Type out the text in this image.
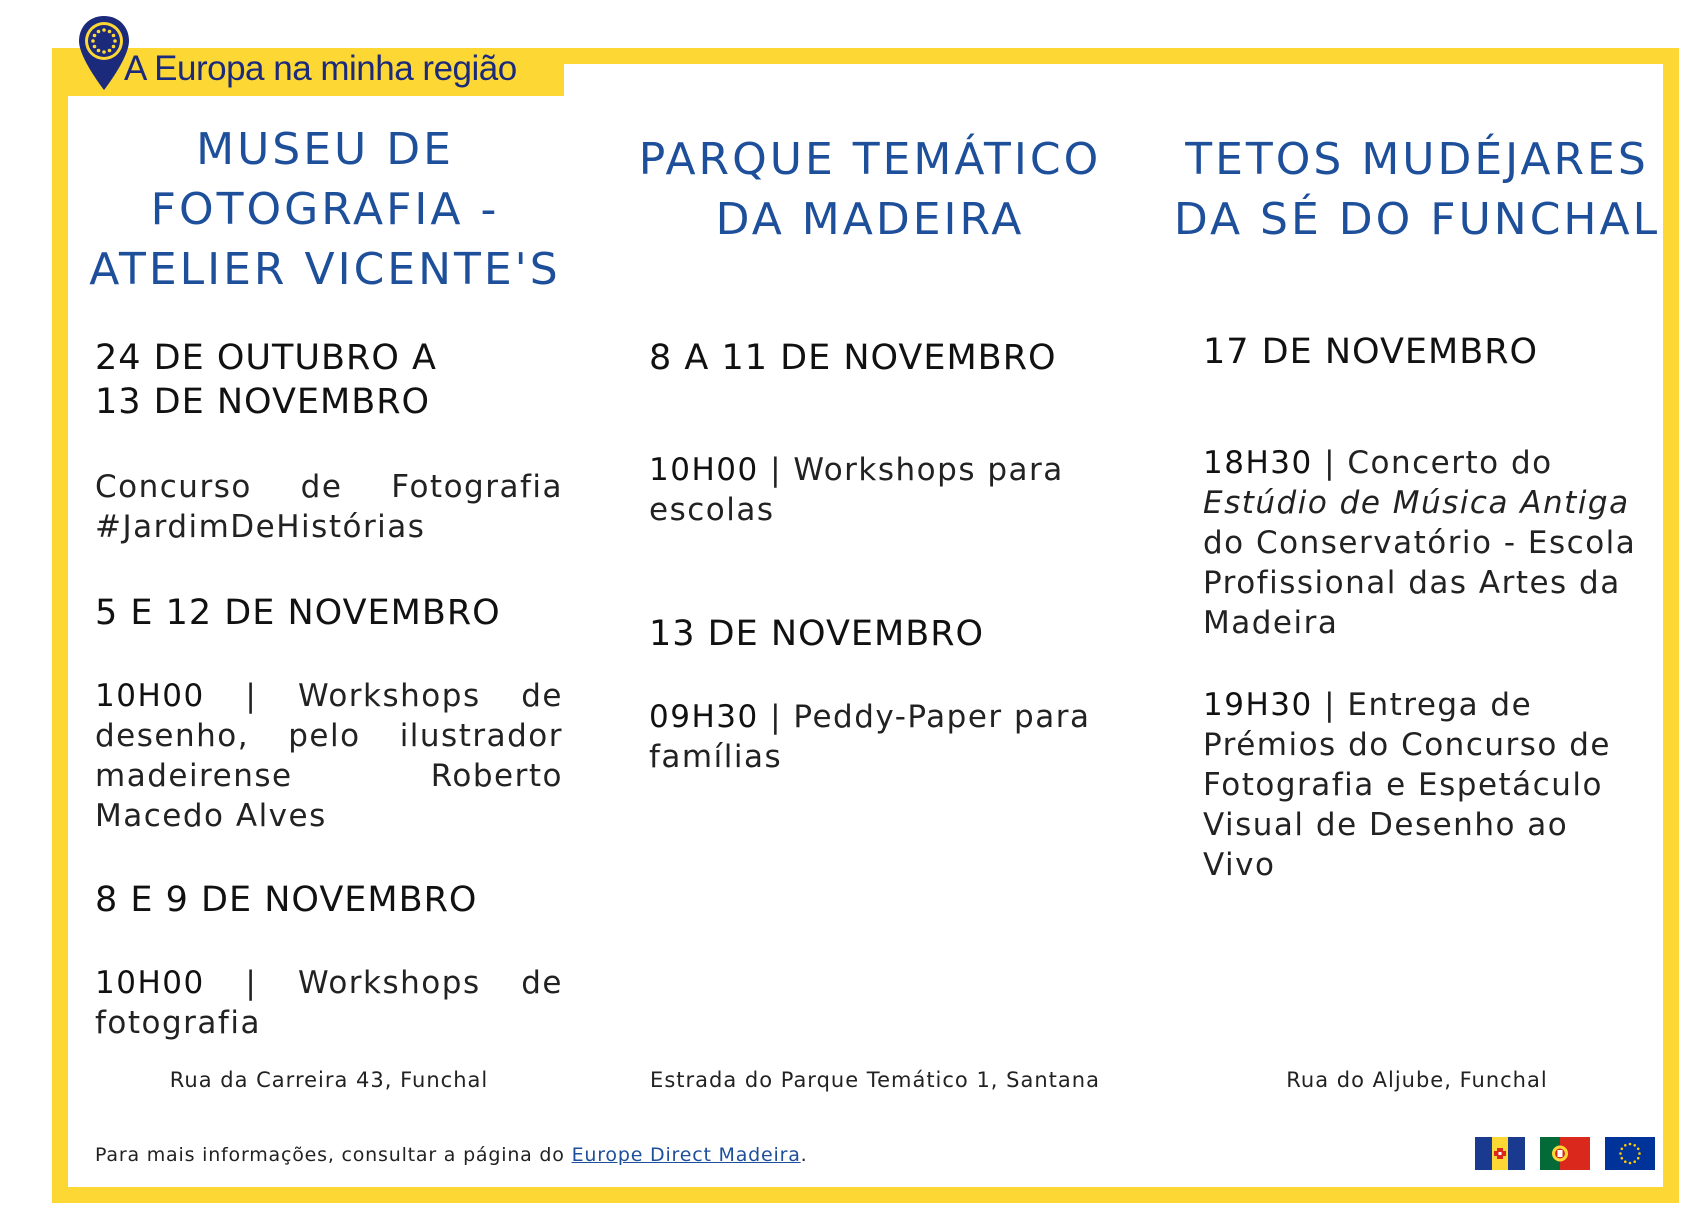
A Europa na minha região
MUSEU DE
FOTOGRAFIA -
ATELIER VICENTE'S
24 DE OUTUBRO A
13 DE NOVEMBRO

Concurso de Fotografia #JardimDeHistórias

5 E 12 DE NOVEMBRO

10H00 | Workshops de desenho, pelo ilustrador madeirense Roberto Macedo Alves

8 E 9 DE NOVEMBRO

10H00 | Workshops de fotografia

PARQUE TEMÁTICO
DA MADEIRA
8 A 11 DE NOVEMBRO

10H00 | Workshops para escolas

13 DE NOVEMBRO

09H30 | Peddy-Paper para famílias

TETOS MUDÉJARES
DA SÉ DO FUNCHAL
17 DE NOVEMBRO

18H30 | Concerto do Estúdio de Música Antiga do Conservatório - Escola Profissional das Artes da Madeira

19H30 | Entrega de Prémios do Concurso de Fotografia e Espetáculo Visual de Desenho ao Vivo

Rua da Carreira 43, Funchal	Estrada do Parque Temático 1, Santana	Rua do Aljube, Funchal
Para mais informações, consultar a página do Europe Direct Madeira.
